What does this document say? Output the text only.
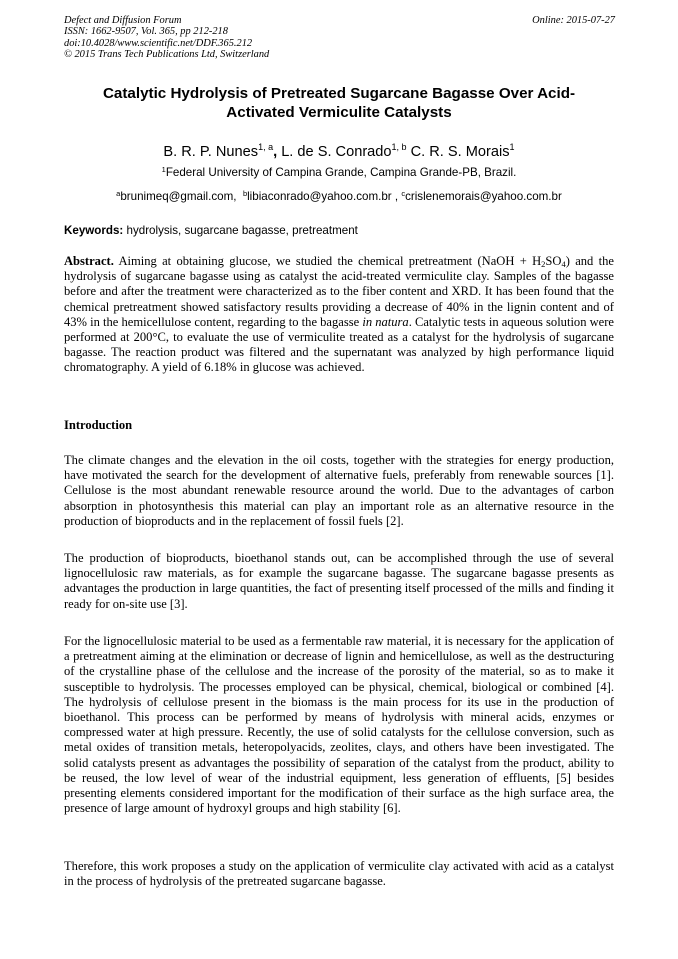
Defect and Diffusion Forum
ISSN: 1662-9507, Vol. 365, pp 212-218
doi:10.4028/www.scientific.net/DDF.365.212
© 2015 Trans Tech Publications Ltd, Switzerland
Online: 2015-07-27
Catalytic Hydrolysis of Pretreated Sugarcane Bagasse Over Acid-
Activated Vermiculite Catalysts
B. R. P. Nunes$^{1, a}$, L. de S. Conrado$^{1, b}$ C. R. S. Morais$^1$
$^1$Federal University of Campina Grande, Campina Grande-PB, Brazil.
$^a$brunimeq@gmail.com, $^b$libiaconrado@yahoo.com.br , $^c$crislenemorais@yahoo.com.br
Keywords: hydrolysis, sugarcane bagasse, pretreatment
Abstract. Aiming at obtaining glucose, we studied the chemical pretreatment (NaOH + $H_2SO_4$) and the hydrolysis of sugarcane bagasse using as catalyst the acid-treated vermiculite clay. Samples of the bagasse before and after the treatment were characterized as to the fiber content and XRD. It has been found that the chemical pretreatment showed satisfactory results providing a decrease of 40% in the lignin content and of 43% in the hemicellulose content, regarding to the bagasse in natura. Catalytic tests in aqueous solution were performed at 200°C, to evaluate the use of vermiculite treated as a catalyst for the hydrolysis of sugarcane bagasse. The reaction product was filtered and the supernatant was analyzed by high performance liquid chromatography. A yield of 6.18% in glucose was achieved.
Introduction
The climate changes and the elevation in the oil costs, together with the strategies for energy production, have motivated the search for the development of alternative fuels, preferably from renewable sources [1]. Cellulose is the most abundant renewable resource around the world. Due to the advantages of carbon absorption in photosynthesis this material can play an important role as an alternative resource in the production of bioproducts and in the replacement of fossil fuels [2].
The production of bioproducts, bioethanol stands out, can be accomplished through the use of several lignocellulosic raw materials, as for example the sugarcane bagasse. The sugarcane bagasse presents as advantages the production in large quantities, the fact of presenting itself processed of the mills and finding it ready for on-site use [3].
For the lignocellulosic material to be used as a fermentable raw material, it is necessary for the application of a pretreatment aiming at the elimination or decrease of lignin and hemicellulose, as well as the destructuring of the crystalline phase of the cellulose and the increase of the porosity of the material, so as to make it susceptible to hydrolysis. The processes employed can be physical, chemical, biological or combined [4]. The hydrolysis of cellulose present in the biomass is the main process for its use in the production of bioethanol. This process can be performed by means of hydrolysis with mineral acids, enzymes or compressed water at high pressure. Recently, the use of solid catalysts for the cellulose conversion, such as metal oxides of transition metals, heteropolyacids, zeolites, clays, and others have been investigated. The solid catalysts present as advantages the possibility of separation of the catalyst from the product, ability to be reused, the low level of wear of the industrial equipment, less generation of effluents, [5] besides presenting elements considered important for the modification of their surface as the high surface area, the presence of large amount of hydroxyl groups and high stability [6].
Therefore, this work proposes a study on the application of vermiculite clay activated with acid as a catalyst in the process of hydrolysis of the pretreated sugarcane bagasse.
